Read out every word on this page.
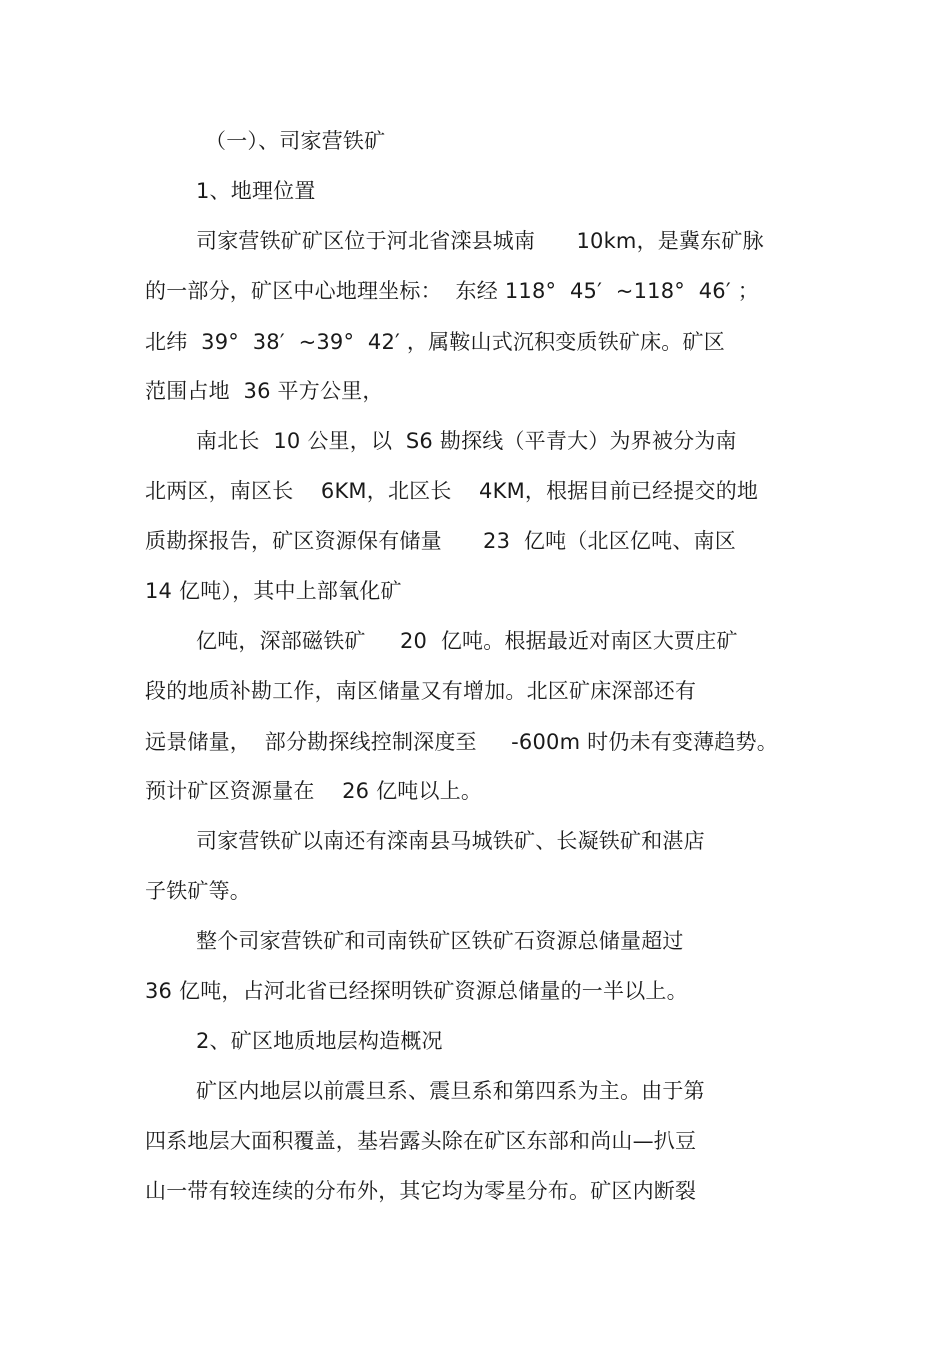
（一）、司家营铁矿
1、地理位置
司家营铁矿矿区位于河北省滦县城南      10km，是冀东矿脉
的一部分，矿区中心地理坐标：  东经 118°  45′  ~118°  46′ ；
北纬  39°  38′  ~39°  42′ ，属鞍山式沉积变质铁矿床。矿区
范围占地  36 平方公里，
南北长  10 公里，以  S6 勘探线（平青大）为界被分为南
北两区，南区长    6KM，北区长    4KM，根据目前已经提交的地
质勘探报告，矿区资源保有储量      23  亿吨（北区亿吨、南区
14 亿吨），其中上部氧化矿
亿吨，深部磁铁矿     20  亿吨。根据最近对南区大贾庄矿
段的地质补勘工作，南区储量又有增加。北区矿床深部还有
远景储量，  部分勘探线控制深度至     -600m 时仍未有变薄趋势。
预计矿区资源量在    26 亿吨以上。
司家营铁矿以南还有滦南县马城铁矿、长凝铁矿和湛店
子铁矿等。
整个司家营铁矿和司南铁矿区铁矿石资源总储量超过
36 亿吨，占河北省已经探明铁矿资源总储量的一半以上。
2、矿区地质地层构造概况
矿区内地层以前震旦系、震旦系和第四系为主。由于第
四系地层大面积覆盖，基岩露头除在矿区东部和尚山—扒豆
山一带有较连续的分布外，其它均为零星分布。矿区内断裂
